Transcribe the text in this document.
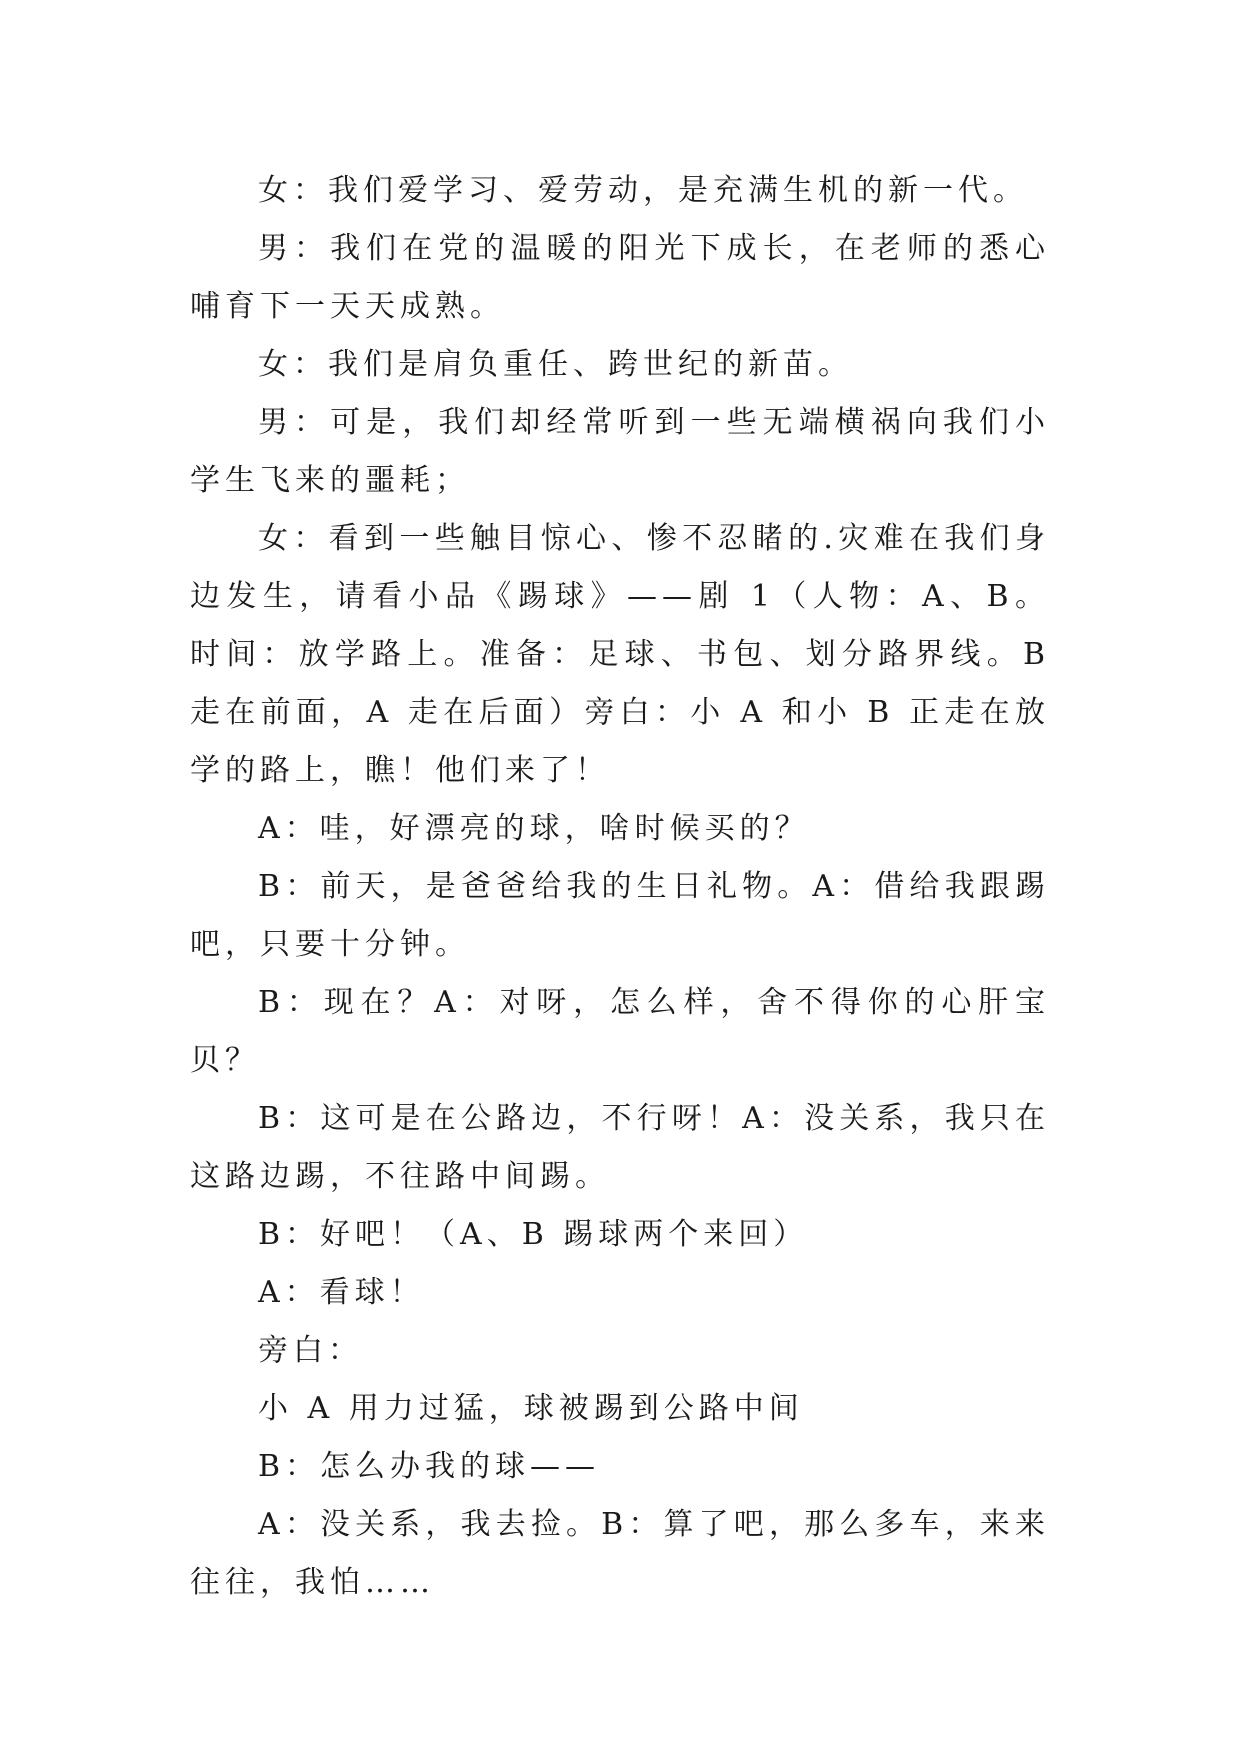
女：我们爱学习、爱劳动，是充满生机的新一代。

男：我们在党的温暖的阳光下成长，在老师的悉心哺育下一天天成熟。

女：我们是肩负重任、跨世纪的新苗。

男：可是，我们却经常听到一些无端横祸向我们小学生飞来的噩耗；

女：看到一些触目惊心、惨不忍睹的.灾难在我们身边发生，请看小品《踢球》——剧 1（人物：A、B。时间：放学路上。准备：足球、书包、划分路界线。B 走在前面，A 走在后面）旁白：小 A 和小 B 正走在放学的路上，瞧！他们来了！

A：哇，好漂亮的球，啥时候买的？

B：前天，是爸爸给我的生日礼物。A：借给我跟踢吧，只要十分钟。

B：现在？A：对呀，怎么样，舍不得你的心肝宝贝？

B：这可是在公路边，不行呀！A：没关系，我只在这路边踢，不往路中间踢。

B：好吧！（A、B 踢球两个来回）

A：看球！

旁白：

小 A 用力过猛，球被踢到公路中间

B：怎么办我的球——

A：没关系，我去捡。B：算了吧，那么多车，来来往往，我怕……
